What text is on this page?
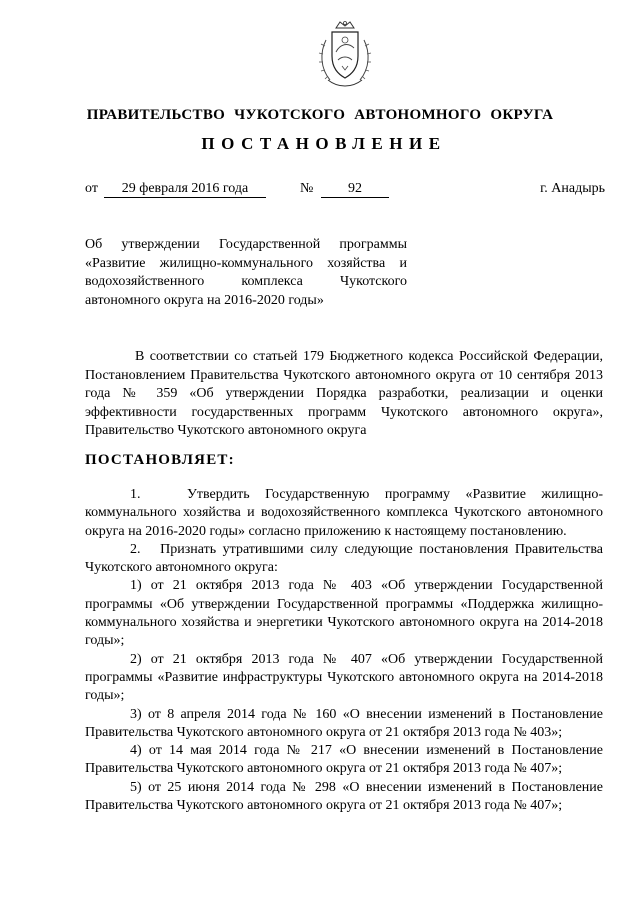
ПРАВИТЕЛЬСТВО ЧУКОТСКОГО АВТОНОМНОГО ОКРУГА
ПОСТАНОВЛЕНИЕ
от	29 февраля 2016 года	№	92	г. Анадырь

Об утверждении Государственной программы «Развитие жилищно-коммунального хозяйства и водохозяйственного комплекса Чукотского автономного округа на 2016-2020 годы»

В соответствии со статьей 179 Бюджетного кодекса Российской Федерации, Постановлением Правительства Чукотского автономного округа от 10 сентября 2013 года № 359 «Об утверждении Порядка разработки, реализации и оценки эффективности государственных программ Чукотского автономного округа», Правительство Чукотского автономного округа

ПОСТАНОВЛЯЕТ:

1.   Утвердить Государственную программу «Развитие жилищно-коммунального хозяйства и водохозяйственного комплекса Чукотского автономного округа на 2016-2020 годы» согласно приложению к настоящему постановлению.

2.   Признать утратившими силу следующие постановления Правительства Чукотского автономного округа:

1) от 21 октября 2013 года № 403 «Об утверждении Государственной программы «Об утверждении Государственной программы «Поддержка жилищно-коммунального хозяйства и энергетики Чукотского автономного округа на 2014-2018 годы»;

2) от 21 октября 2013 года № 407 «Об утверждении Государственной программы «Развитие инфраструктуры Чукотского автономного округа на 2014-2018 годы»;

3) от 8 апреля 2014 года № 160 «О внесении изменений в Постановление Правительства Чукотского автономного округа от 21 октября 2013 года № 403»;

4) от 14 мая 2014 года № 217 «О внесении изменений в Постановление Правительства Чукотского автономного округа от 21 октября 2013 года № 407»;

5) от 25 июня 2014 года № 298 «О внесении изменений в Постановление Правительства Чукотского автономного округа от 21 октября 2013 года № 407»;
